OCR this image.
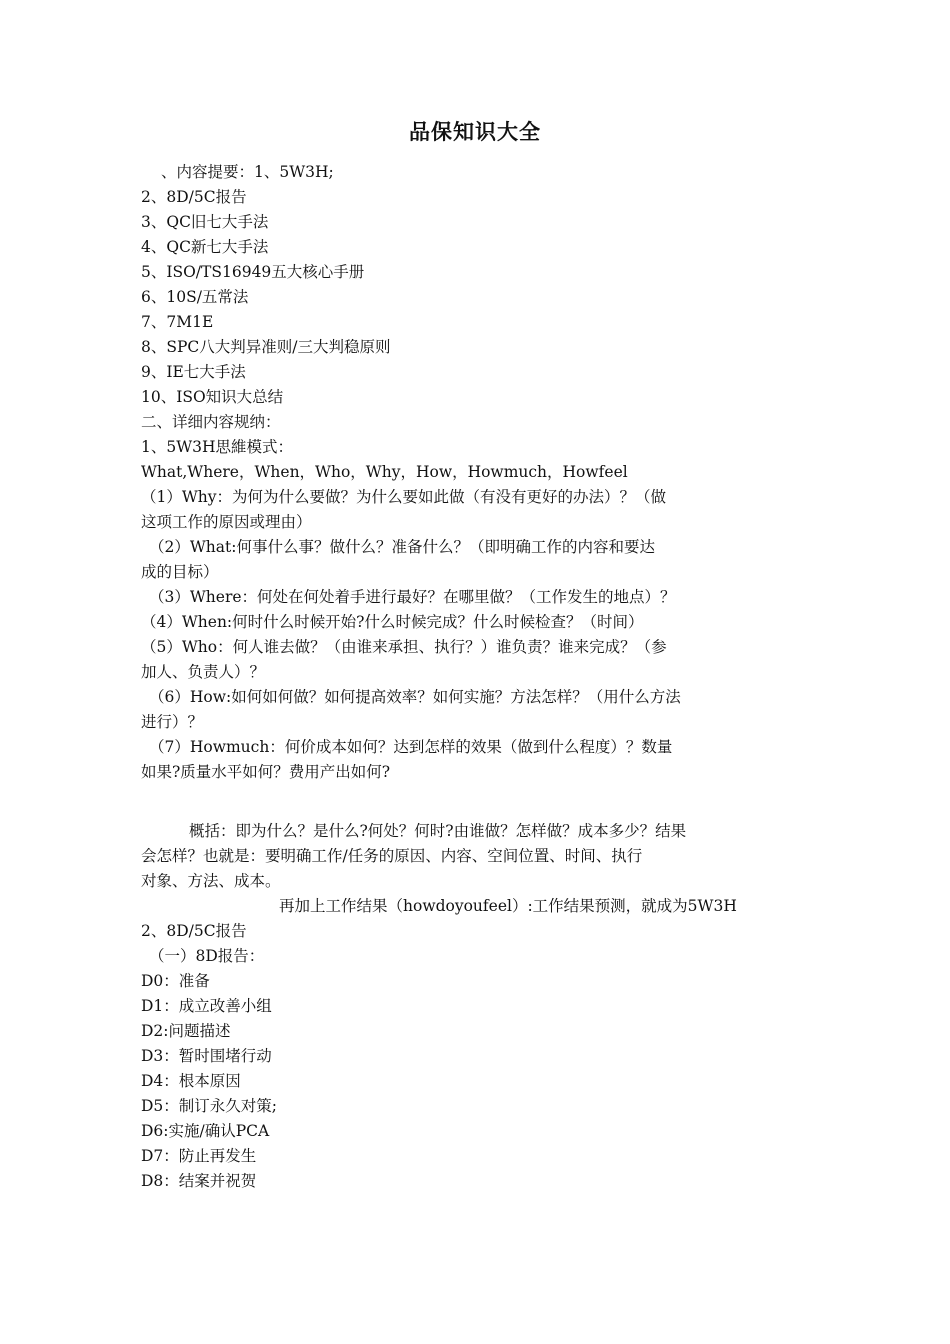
品保知识大全
、内容提要：1、5W3H;
2、8D/5C报告
3、QC旧七大手法
4、QC新七大手法
5、ISO/TS16949五大核心手册
6、10S/五常法
7、7M1E
8、SPC八大判异准则/三大判稳原则
9、IE七大手法
10、ISO知识大总结
二、详细内容规纳：
1、5W3H思維模式：
What,Where，When，Who，Why，How，Howmuch，Howfeel
（1）Why：为何为什么要做？为什么要如此做（有没有更好的办法）？（做
这项工作的原因或理由）
（2）What:何事什么事？做什么？准备什么？（即明确工作的内容和要达
成的目标）
（3）Where：何处在何处着手进行最好？在哪里做？（工作发生的地点）？
（4）When:何时什么时候开始?什么时候完成？什么时候检查？（时间）
（5）Who：何人谁去做？（由谁来承担、执行？）谁负责？谁来完成？（参
加人、负责人）？
（6）How:如何如何做？如何提高效率？如何实施？方法怎样？（用什么方法
进行）？
（7）Howmuch：何价成本如何？达到怎样的效果（做到什么程度）？数量
如果?质量水平如何？费用产出如何?
概括：即为什么？是什么?何处？何时?由谁做？怎样做？成本多少？结果
会怎样？也就是：要明确工作/任务的原因、内容、空间位置、时间、执行
对象、方法、成本。
再加上工作结果（howdoyoufeel）:工作结果预测，就成为5W3H
2、8D/5C报告
（一）8D报告：
D0：准备
D1：成立改善小组
D2:问题描述
D3：暂时围堵行动
D4：根本原因
D5：制订永久对策;
D6:实施/确认PCA
D7：防止再发生
D8：结案并祝贺
